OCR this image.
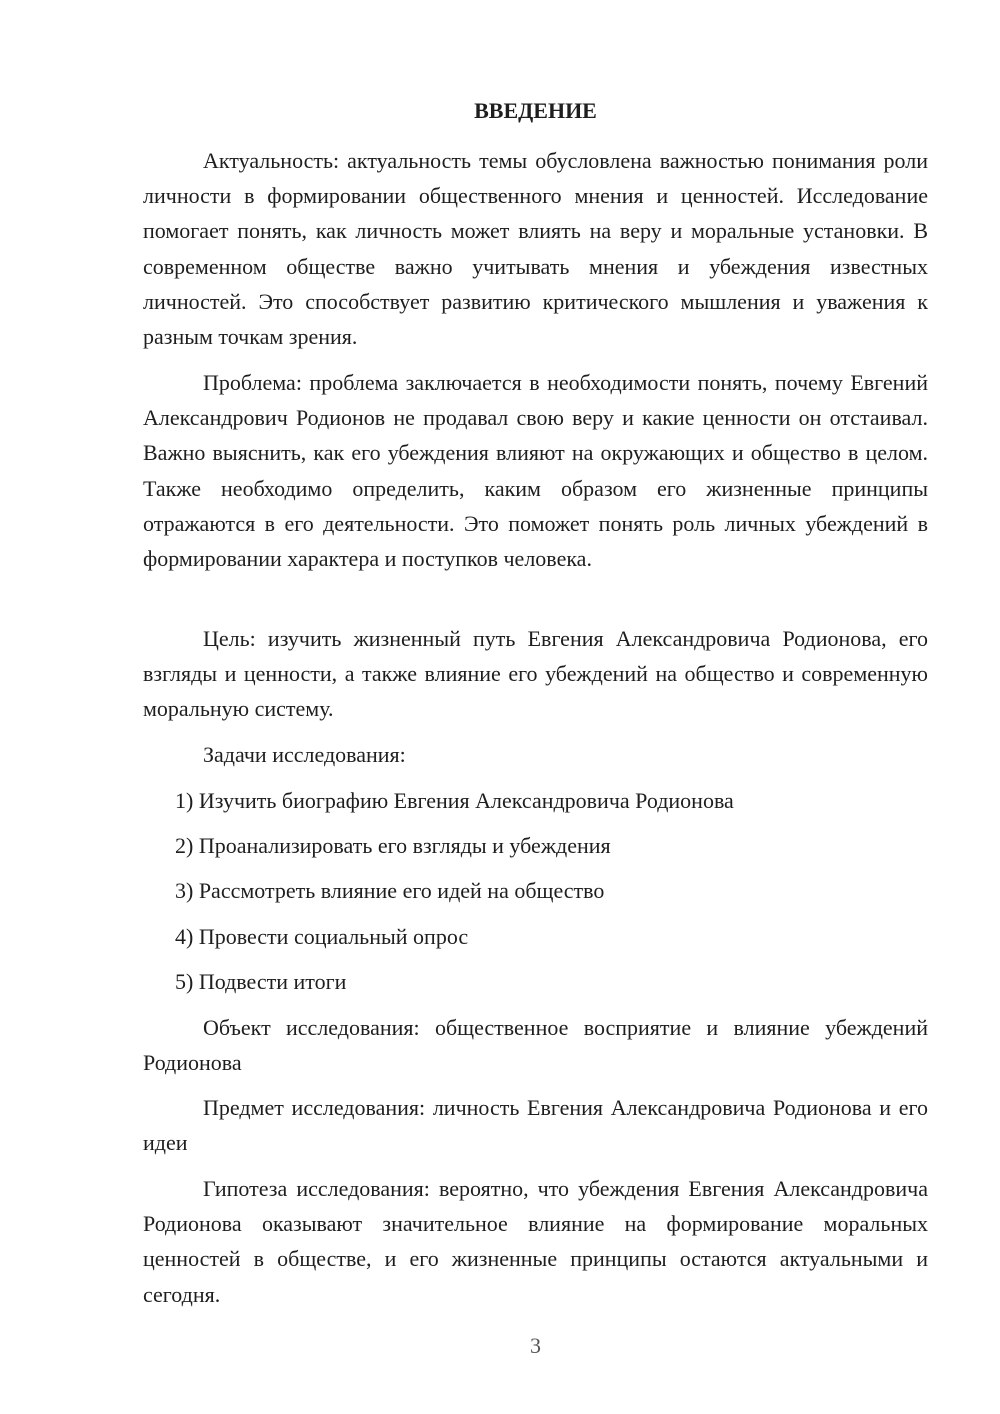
ВВЕДЕНИЕ

Актуальность: актуальность темы обусловлена важностью понимания роли личности в формировании общественного мнения и ценностей. Исследование помогает понять, как личность может влиять на веру и моральные установки. В современном обществе важно учитывать мнения и убеждения известных личностей. Это способствует развитию критического мышления и уважения к разным точкам зрения.

Проблема: проблема заключается в необходимости понять, почему Евгений Александрович Родионов не продавал свою веру и какие ценности он отстаивал. Важно выяснить, как его убеждения влияют на окружающих и общество в целом. Также необходимо определить, каким образом его жизненные принципы отражаются в его деятельности. Это поможет понять роль личных убеждений в формировании характера и поступков человека.

Цель: изучить жизненный путь Евгения Александровича Родионова, его взгляды и ценности, а также влияние его убеждений на общество и современную моральную систему.

Задачи исследования:

1) Изучить биографию Евгения Александровича Родионова

2) Проанализировать его взгляды и убеждения

3) Рассмотреть влияние его идей на общество

4) Провести социальный опрос

5) Подвести итоги

Объект исследования: общественное восприятие и влияние убеждений Родионова

Предмет исследования: личность Евгения Александровича Родионова и его идеи

Гипотеза исследования: вероятно, что убеждения Евгения Александровича Родионова оказывают значительное влияние на формирование моральных ценностей в обществе, и его жизненные принципы остаются актуальными и сегодня.

3
